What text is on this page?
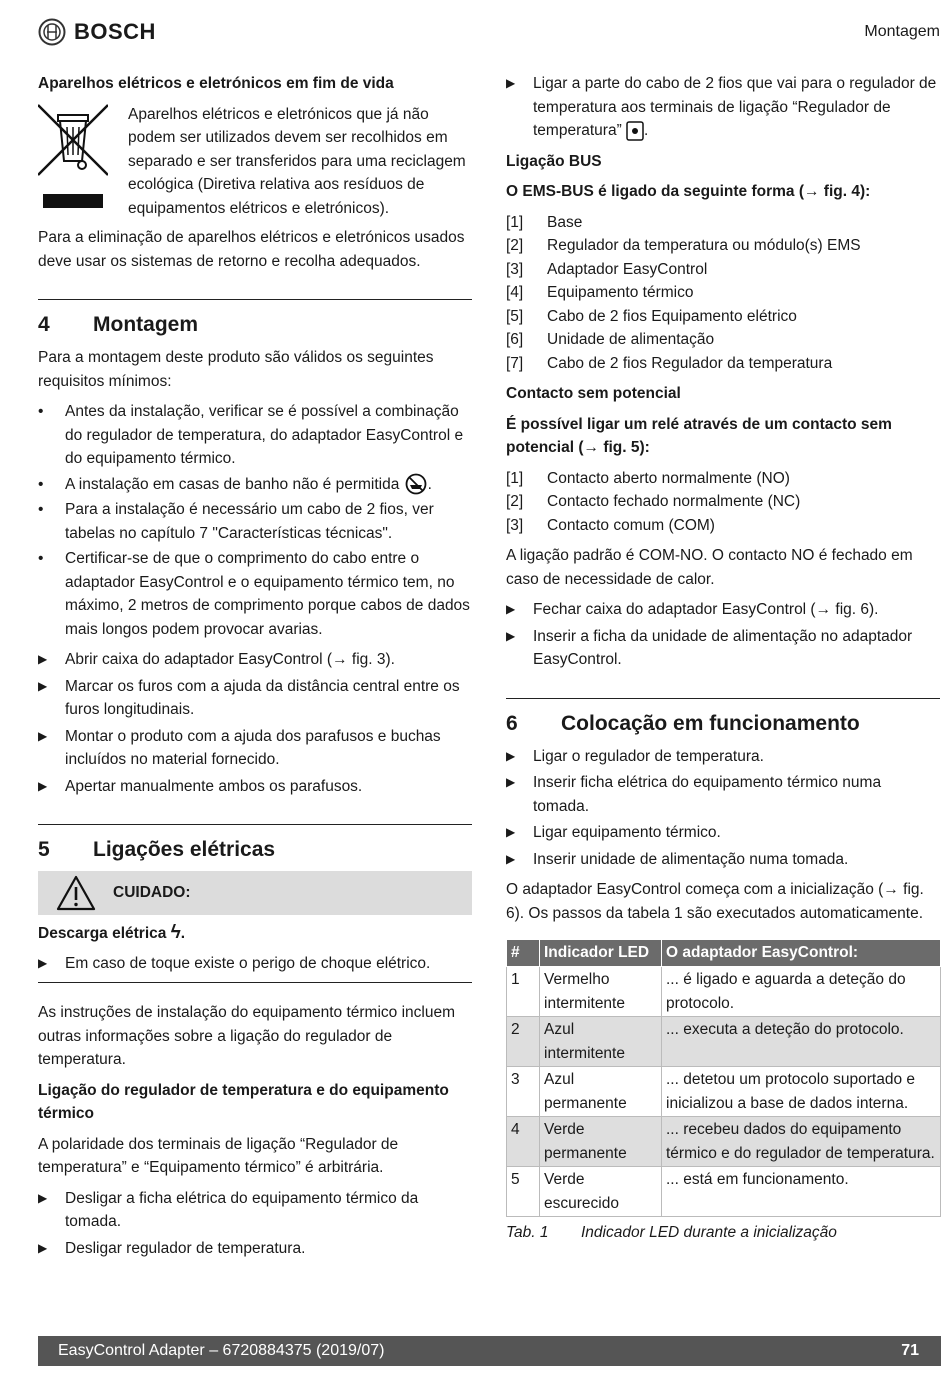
BOSCH	Montagem
Aparelhos elétricos e eletrónicos em fim de vida
Aparelhos elétricos e eletrónicos que já não podem ser utilizados devem ser recolhidos em separado e ser transferidos para uma reciclagem ecológica (Diretiva relativa aos resíduos de equipamentos elétricos e eletrónicos).

Para a eliminação de aparelhos elétricos e eletrónicos usados deve usar os sistemas de retorno e recolha adequados.

4	Montagem

Para a montagem deste produto são válidos os seguintes requisitos mínimos:

• Antes da instalação, verificar se é possível a combinação do regulador de temperatura, do adaptador EasyControl e do equipamento térmico.
• A instalação em casas de banho não é permitida .
• Para a instalação é necessário um cabo de 2 fios, ver tabelas no capítulo 7 "Características técnicas".
• Certificar-se de que o comprimento do cabo entre o adaptador EasyControl e o equipamento térmico tem, no máximo, 2 metros de comprimento porque cabos de dados mais longos podem provocar avarias.
▶ Abrir caixa do adaptador EasyControl (→ fig. 3).
▶ Marcar os furos com a ajuda da distância central entre os furos longitudinais.
▶ Montar o produto com a ajuda dos parafusos e buchas incluídos no material fornecido.
▶ Apertar manualmente ambos os parafusos.
5	Ligações elétricas
CUIDADO:
Descarga elétrica ϟ.
▶ Em caso de toque existe o perigo de choque elétrico.

As instruções de instalação do equipamento térmico incluem outras informações sobre a ligação do regulador de temperatura.

Ligação do regulador de temperatura e do equipamento térmico

A polaridade dos terminais de ligação “Regulador de temperatura” e “Equipamento térmico” é arbitrária.

▶ Desligar a ficha elétrica do equipamento térmico da tomada.
▶ Desligar regulador de temperatura.
▶ Ligar a parte do cabo de 2 fios que vai para o regulador de temperatura aos terminais de ligação “Regulador de temperatura” .
Ligação BUS
O EMS-BUS é ligado da seguinte forma (→ fig. 4):
[1]	Base
[2]	Regulador da temperatura ou módulo(s) EMS
[3]	Adaptador EasyControl
[4]	Equipamento térmico
[5]	Cabo de 2 fios Equipamento elétrico
[6]	Unidade de alimentação
[7]	Cabo de 2 fios Regulador da temperatura
Contacto sem potencial
É possível ligar um relé através de um contacto sem potencial (→ fig. 5):
[1]	Contacto aberto normalmente (NO)
[2]	Contacto fechado normalmente (NC)
[3]	Contacto comum (COM)

A ligação padrão é COM-NO. O contacto NO é fechado em caso de necessidade de calor.

▶ Fechar caixa do adaptador EasyControl (→ fig. 6).
▶ Inserir a ficha da unidade de alimentação no adaptador EasyControl.
6	Colocação em funcionamento
▶ Ligar o regulador de temperatura.
▶ Inserir ficha elétrica do equipamento térmico numa tomada.
▶ Ligar equipamento térmico.
▶ Inserir unidade de alimentação numa tomada.

O adaptador EasyControl começa com a inicialização (→ fig. 6). Os passos da tabela 1 são executados automaticamente.

#	Indicador LED	O adaptador EasyControl:
1	Vermelho intermitente	... é ligado e aguarda a deteção do protocolo.
2	Azul intermitente	... executa a deteção do protocolo.
3	Azul permanente	... detetou um protocolo suportado e inicializou a base de dados interna.
4	Verde permanente	... recebeu dados do equipamento térmico e do regulador de temperatura.
5	Verde escurecido	... está em funcionamento.
Tab. 1	Indicador LED durante a inicialização
EasyControl Adapter – 6720884375 (2019/07)	71
